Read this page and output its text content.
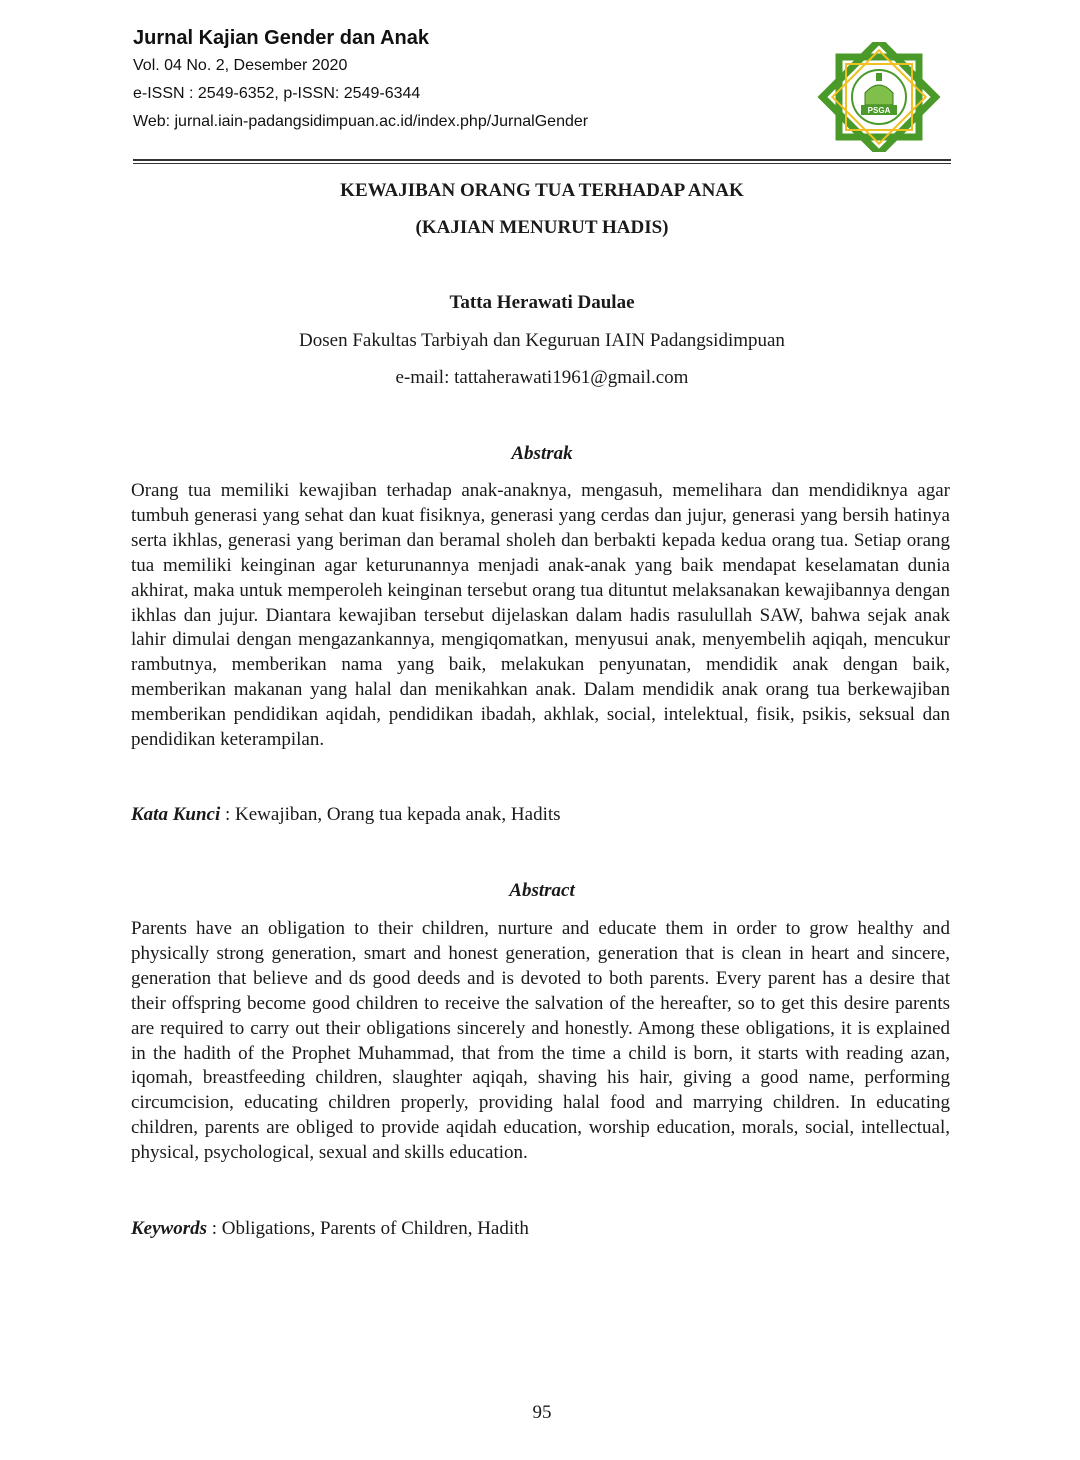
Jurnal Kajian Gender dan Anak
Vol. 04 No. 2, Desember 2020
e-ISSN : 2549-6352, p-ISSN: 2549-6344
Web: jurnal.iain-padangsidimpuan.ac.id/index.php/JurnalGender
PSGA
KEWAJIBAN ORANG TUA TERHADAP ANAK
(KAJIAN MENURUT HADIS)
Tatta Herawati Daulae
Dosen Fakultas Tarbiyah dan Keguruan IAIN Padangsidimpuan
e-mail: tattaherawati1961@gmail.com
Abstrak
Orang tua memiliki kewajiban terhadap anak-anaknya, mengasuh, memelihara dan mendidiknya agar tumbuh generasi yang sehat dan kuat fisiknya, generasi yang cerdas dan jujur, generasi yang bersih hatinya serta ikhlas, generasi yang beriman dan beramal sholeh dan berbakti kepada kedua orang tua. Setiap orang tua memiliki keinginan agar keturunannya menjadi anak-anak yang baik mendapat keselamatan dunia akhirat, maka untuk memperoleh keinginan tersebut orang tua dituntut melaksanakan kewajibannya dengan ikhlas dan jujur. Diantara kewajiban tersebut dijelaskan dalam hadis rasulullah SAW, bahwa sejak anak lahir dimulai dengan mengazankannya, mengiqomatkan, menyusui anak, menyembelih aqiqah, mencukur rambutnya, memberikan nama yang baik, melakukan penyunatan, mendidik anak dengan baik, memberikan makanan yang halal dan menikahkan anak. Dalam mendidik anak orang tua berkewajiban memberikan pendidikan aqidah, pendidikan ibadah, akhlak, social, intelektual, fisik, psikis, seksual dan pendidikan keterampilan.
Kata Kunci : Kewajiban, Orang tua kepada anak, Hadits
Abstract
Parents have an obligation to their children, nurture and educate them in order to grow healthy and physically strong generation, smart and honest generation, generation that is clean in heart and sincere, generation that believe and ds good deeds and is devoted to both parents. Every parent has a desire that their offspring become good children to receive the salvation of the hereafter, so to get this desire parents are required to carry out their obligations sincerely and honestly. Among these obligations, it is explained in the hadith of the Prophet Muhammad, that from the time a child is born, it starts with reading azan, iqomah, breastfeeding children, slaughter aqiqah, shaving his hair, giving a good name, performing circumcision, educating children properly, providing halal food and marrying children. In educating children, parents are obliged to provide aqidah education, worship education, morals, social, intellectual, physical, psychological, sexual and skills education.
Keywords : Obligations, Parents of Children, Hadith
95
